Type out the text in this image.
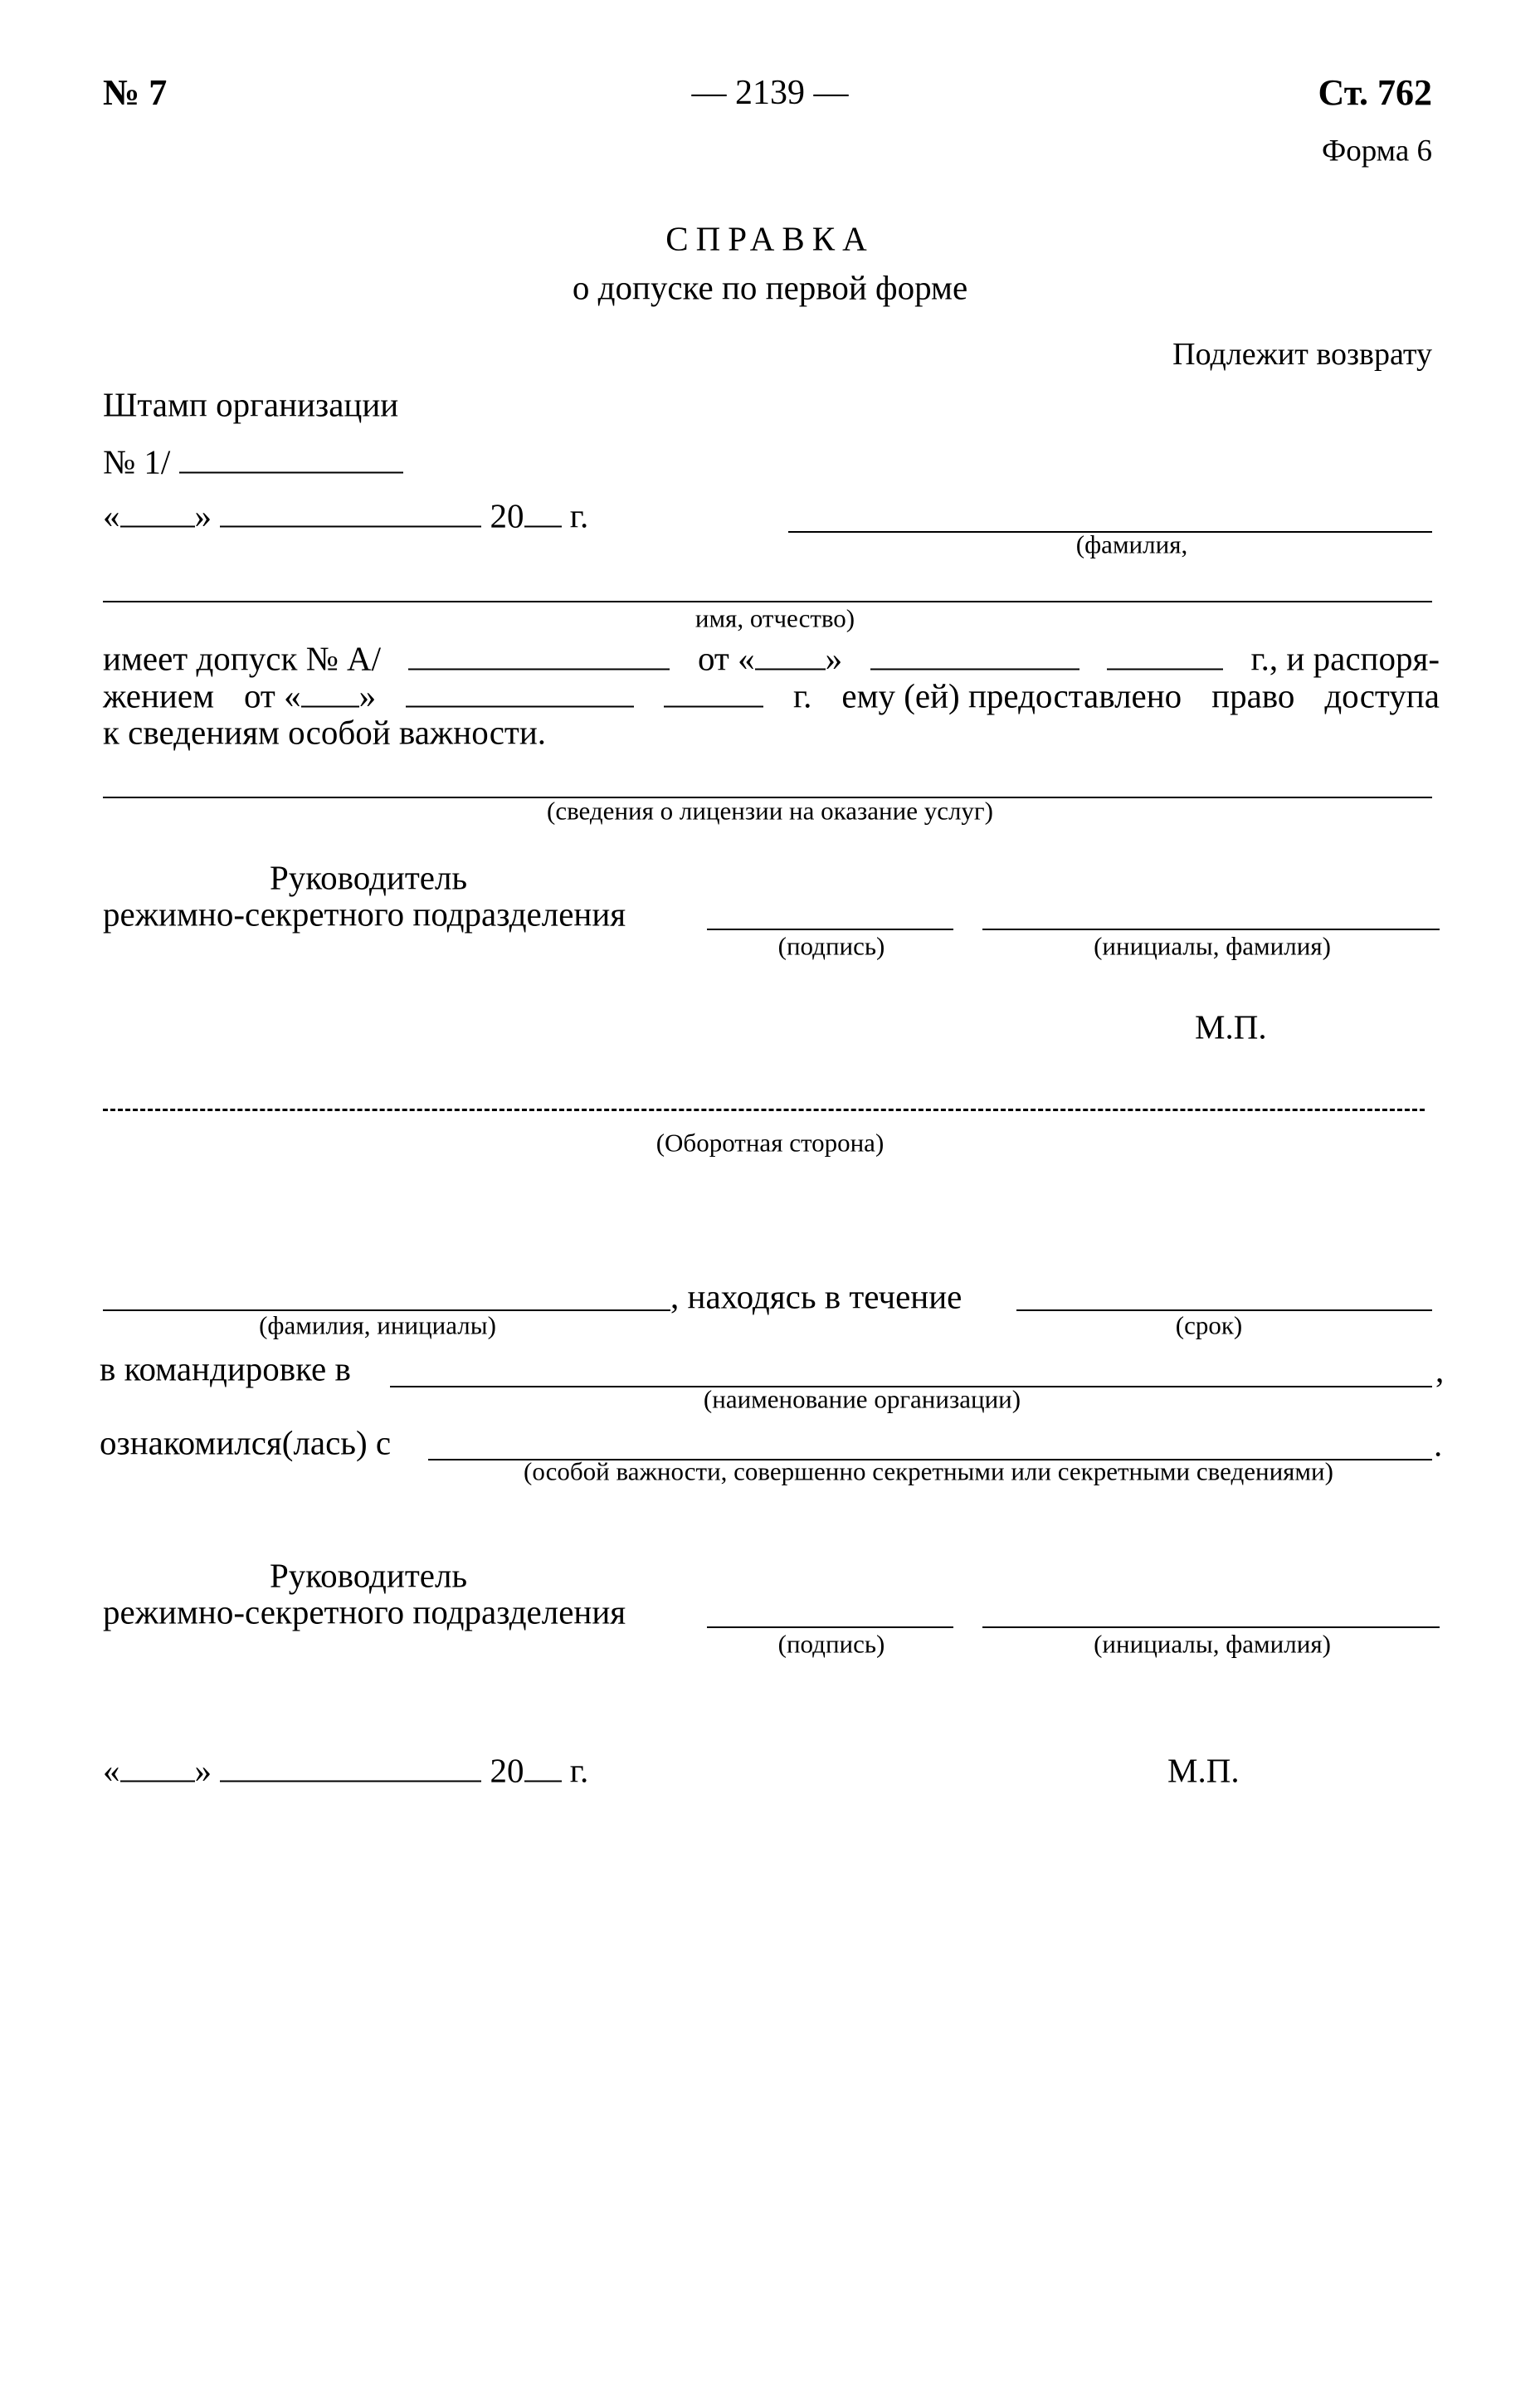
№ 7	— 2139 —	Ст. 762
Форма 6
СПРАВКА
о допуске по первой форме
Подлежит возврату
Штамп организации
№ 1/
« »	20 г.
(фамилия,
имя, отчество)
имеет допуск № А/	от « »	г., и распоря-
жением от « »	г. ему (ей) предоставлено право доступа
к сведениям особой важности.
(сведения о лицензии на оказание услуг)
Руководитель
режимно-секретного подразделения
(подпись)	(инициалы, фамилия)
М.П.
(Оборотная сторона)
, находясь в течение
(фамилия, инициалы)	(срок)
в командировке в	,
(наименование организации)
ознакомился(лась) с	.
(особой важности, совершенно секретными или секретными сведениями)
Руководитель
режимно-секретного подразделения
(подпись)	(инициалы, фамилия)
« »	20 г.	М.П.
